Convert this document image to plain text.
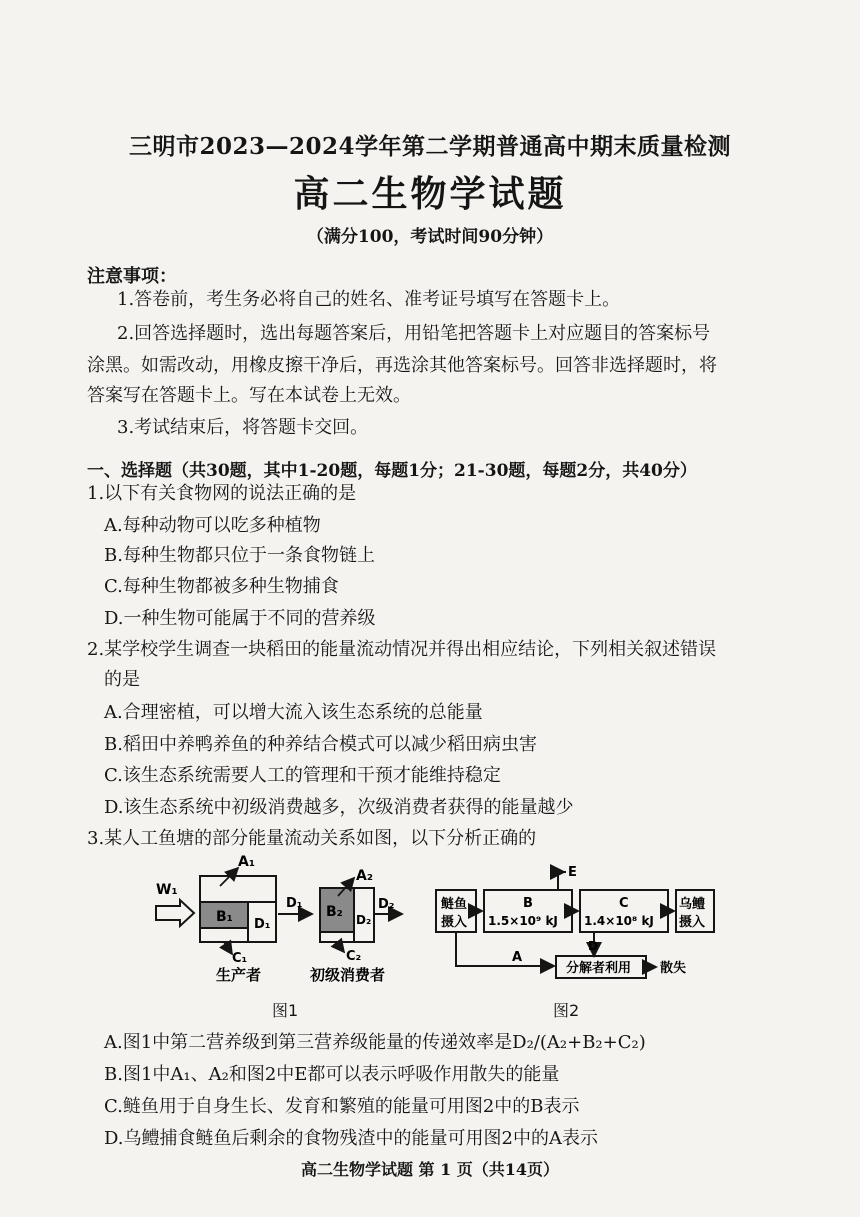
三明市2023—2024学年第二学期普通高中期末质量检测
高二生物学试题
（满分100，考试时间90分钟）
注意事项：
1.答卷前，考生务必将自己的姓名、准考证号填写在答题卡上。
2.回答选择题时，选出每题答案后，用铅笔把答题卡上对应题目的答案标号
涂黑。如需改动，用橡皮擦干净后，再选涂其他答案标号。回答非选择题时，将
答案写在答题卡上。写在本试卷上无效。
3.考试结束后，将答题卡交回。
一、选择题（共30题，其中1-20题，每题1分；21-30题，每题2分，共40分）
1.以下有关食物网的说法正确的是
A.每种动物可以吃多种植物
B.每种生物都只位于一条食物链上
C.每种生物都被多种生物捕食
D.一种生物可能属于不同的营养级
2.某学校学生调查一块稻田的能量流动情况并得出相应结论，下列相关叙述错误
的是
A.合理密植，可以增大流入该生态系统的总能量
B.稻田中养鸭养鱼的种养结合模式可以减少稻田病虫害
C.该生态系统需要人工的管理和干预才能维持稳定
D.该生态系统中初级消费越多，次级消费者获得的能量越少
3.某人工鱼塘的部分能量流动关系如图，以下分析正确的
W₁
B₁ D₁
A₁
C₁
D₁
B₂ D₂
A₂
C₂
D₂
生产者	初级消费者
图1
鲢鱼
摄入
B
1.5×10⁹ kJ
C
1.4×10⁸ kJ
乌鳢
摄入
E
A
D
分解者利用 散失
图2
A.图1中第二营养级到第三营养级能量的传递效率是D₂/(A₂+B₂+C₂)
B.图1中A₁、A₂和图2中E都可以表示呼吸作用散失的能量
C.鲢鱼用于自身生长、发育和繁殖的能量可用图2中的B表示
D.乌鳢捕食鲢鱼后剩余的食物残渣中的能量可用图2中的A表示
高二生物学试题 第 1 页（共14页）
